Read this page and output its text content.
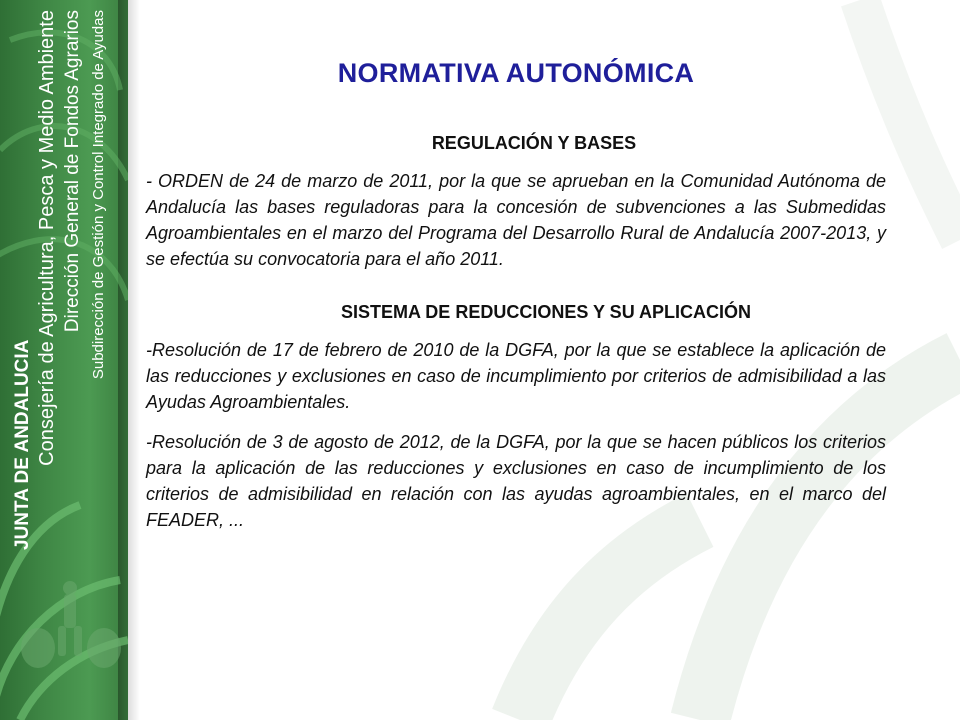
JUNTA DE ANDALUCIA Consejería de Agricultura, Pesca y Medio Ambiente Dirección General de Fondos Agrarios Subdirección de Gestión y Control Integrado de Ayudas	NORMATIVA AUTONÓMICA
REGULACIÓN Y BASES

- ORDEN de 24 de marzo de 2011, por la que se aprueban en la Comunidad Autónoma de Andalucía las bases reguladoras para la concesión de subvenciones a las Submedidas Agroambientales en el marzo del Programa del Desarrollo Rural de Andalucía 2007-2013, y se efectúa su convocatoria para el año 2011.

SISTEMA DE REDUCCIONES Y SU APLICACIÓN

-Resolución de 17 de febrero de 2010 de la DGFA, por la que se establece la aplicación de las reducciones y exclusiones en caso de incumplimiento por criterios de admisibilidad a las Ayudas Agroambientales.

-Resolución de 3 de agosto de 2012, de la DGFA, por la que se hacen públicos los criterios para la aplicación de las reducciones y exclusiones en caso de incumplimiento de los criterios de admisibilidad en relación con las ayudas agroambientales, en el marco del FEADER, ...
